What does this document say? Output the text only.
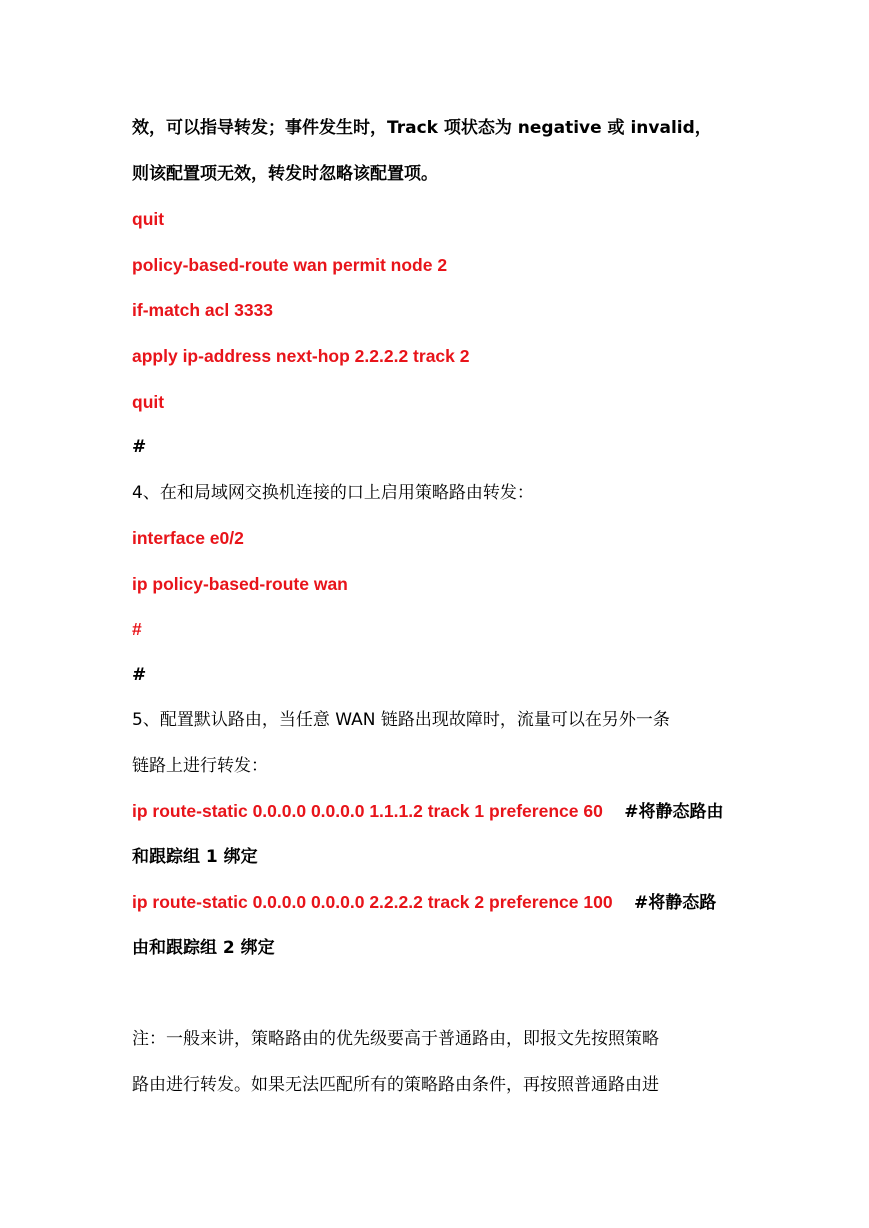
效，可以指导转发；事件发生时，Track 项状态为 negative 或 invalid，
则该配置项无效，转发时忽略该配置项。
quit
policy-based-route wan permit node 2
if-match acl 3333
apply ip-address next-hop 2.2.2.2 track 2
quit
#
4、在和局域网交换机连接的口上启用策略路由转发：
interface e0/2
ip policy-based-route wan
#
#
5、配置默认路由，当任意 WAN 链路出现故障时，流量可以在另外一条
链路上进行转发：
ip route-static 0.0.0.0 0.0.0.0 1.1.1.2 track 1 preference 60 #将静态路由
和跟踪组 1 绑定
ip route-static 0.0.0.0 0.0.0.0 2.2.2.2 track 2 preference 100 #将静态路
由和跟踪组 2 绑定
注：一般来讲，策略路由的优先级要高于普通路由，即报文先按照策略
路由进行转发。如果无法匹配所有的策略路由条件，再按照普通路由进
